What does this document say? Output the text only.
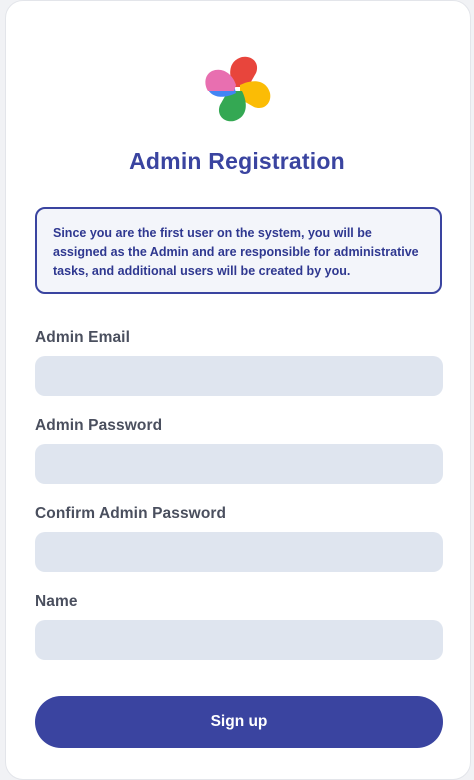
Admin Registration
Since you are the first user on the system, you will be assigned as the Admin and are responsible for administrative tasks, and additional users will be created by you.
Admin Email
Admin Password
Confirm Admin Password
Name
Sign up
